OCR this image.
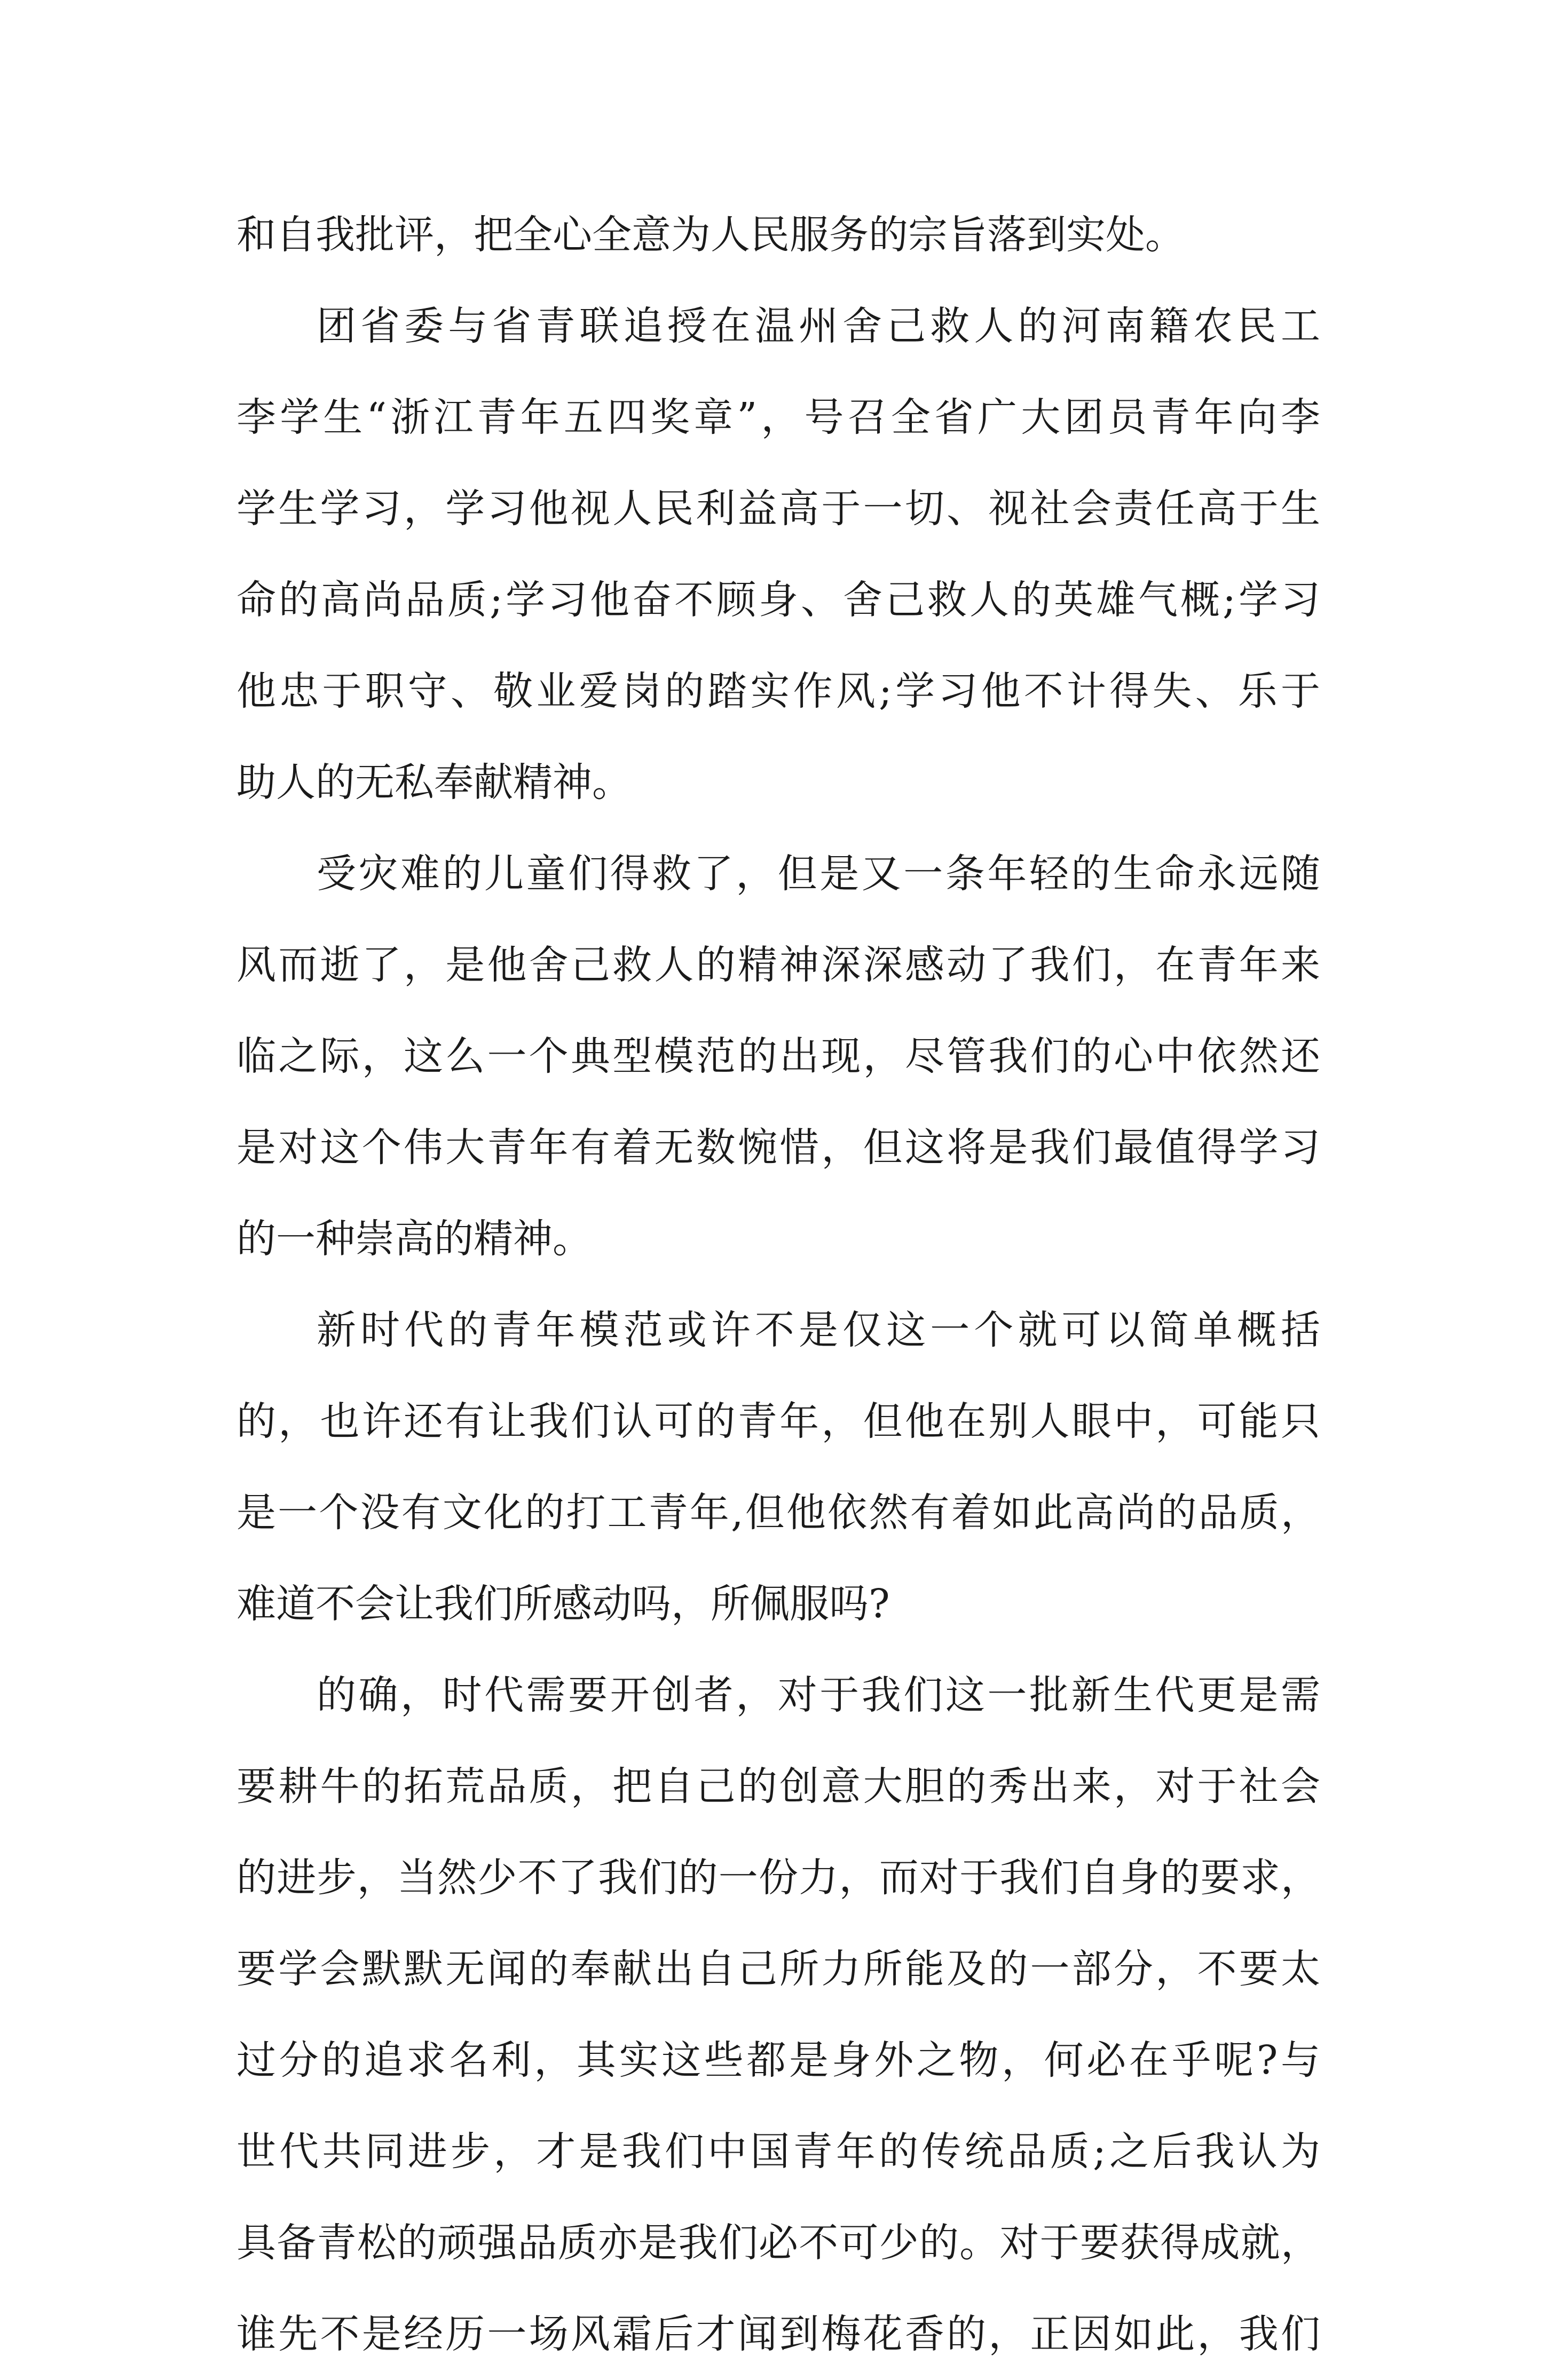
和自我批评，把全心全意为人民服务的宗旨落到实处。
团省委与省青联追授在温州舍己救人的河南籍农民工
李学生“浙江青年五四奖章”，号召全省广大团员青年向李
学生学习，学习他视人民利益高于一切、视社会责任高于生
命的高尚品质;学习他奋不顾身、舍己救人的英雄气概;学习
他忠于职守、敬业爱岗的踏实作风;学习他不计得失、乐于
助人的无私奉献精神。
受灾难的儿童们得救了，但是又一条年轻的生命永远随
风而逝了，是他舍己救人的精神深深感动了我们，在青年来
临之际，这么一个典型模范的出现，尽管我们的心中依然还
是对这个伟大青年有着无数惋惜，但这将是我们最值得学习
的一种崇高的精神。
新时代的青年模范或许不是仅这一个就可以简单概括
的，也许还有让我们认可的青年，但他在别人眼中，可能只
是一个没有文化的打工青年,但他依然有着如此高尚的品质，
难道不会让我们所感动吗，所佩服吗?
的确，时代需要开创者，对于我们这一批新生代更是需
要耕牛的拓荒品质，把自己的创意大胆的秀出来，对于社会
的进步，当然少不了我们的一份力，而对于我们自身的要求，
要学会默默无闻的奉献出自己所力所能及的一部分，不要太
过分的追求名利，其实这些都是身外之物，何必在乎呢?与
世代共同进步，才是我们中国青年的传统品质;之后我认为
具备青松的顽强品质亦是我们必不可少的。对于要获得成就，
谁先不是经历一场风霜后才闻到梅花香的，正因如此，我们
